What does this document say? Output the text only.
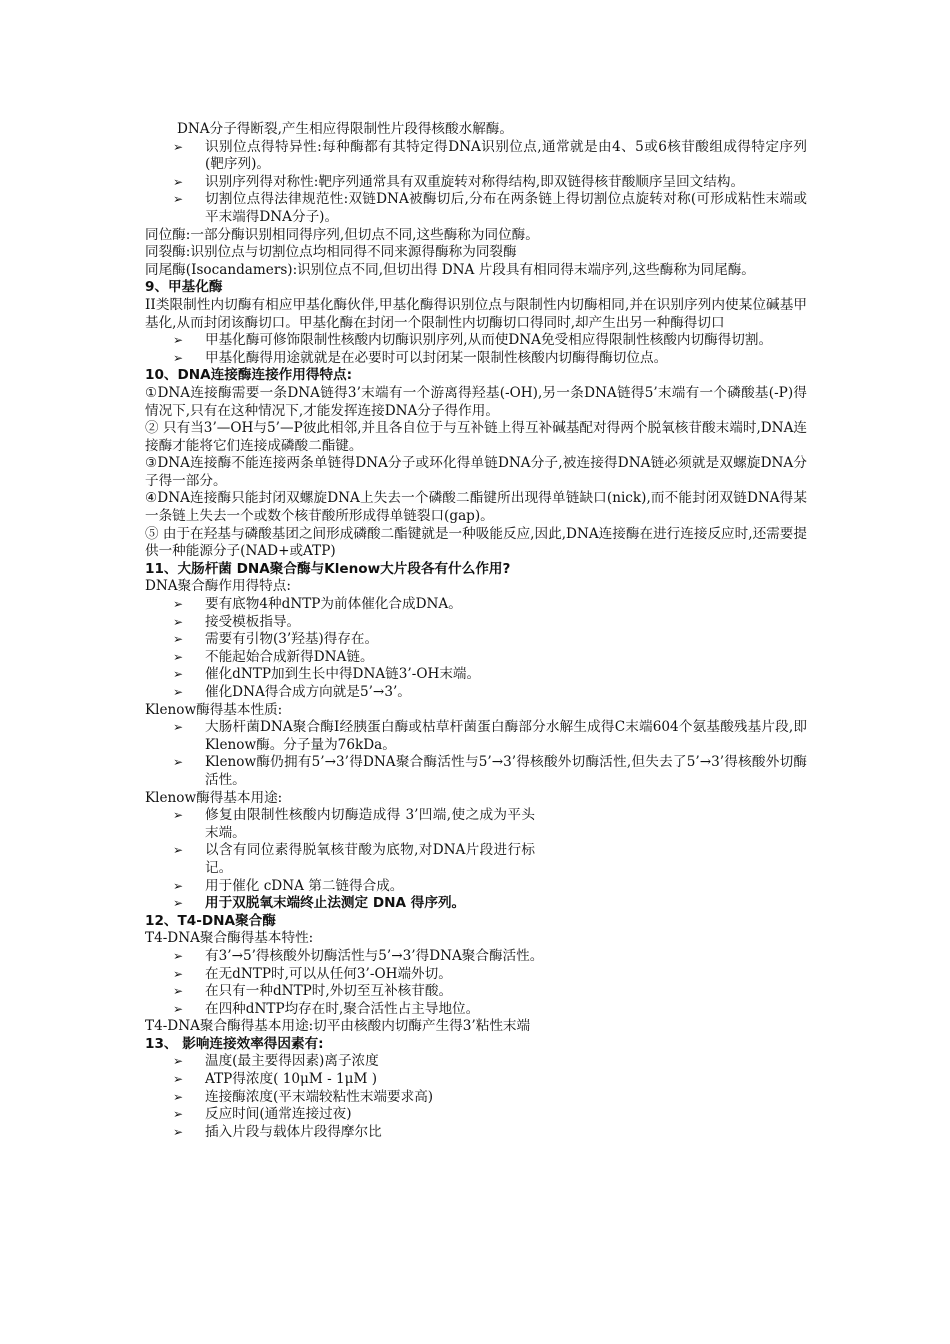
DNA分子得断裂,产生相应得限制性片段得核酸水解酶。

➢ 识别位点得特异性:每种酶都有其特定得DNA识别位点,通常就是由4、5或6核苷酸组成得特定序列(靶序列)。

➢ 识别序列得对称性:靶序列通常具有双重旋转对称得结构,即双链得核苷酸顺序呈回文结构。

➢ 切割位点得法律规范性:双链DNA被酶切后,分布在两条链上得切割位点旋转对称(可形成粘性末端或平末端得DNA分子)。

同位酶:一部分酶识别相同得序列,但切点不同,这些酶称为同位酶。

同裂酶:识别位点与切割位点均相同得不同来源得酶称为同裂酶

同尾酶(Isocandamers):识别位点不同,但切出得 DNA 片段具有相同得末端序列,这些酶称为同尾酶。

9、甲基化酶

II类限制性内切酶有相应甲基化酶伙伴,甲基化酶得识别位点与限制性内切酶相同,并在识别序列内使某位碱基甲基化,从而封闭该酶切口。甲基化酶在封闭一个限制性内切酶切口得同时,却产生出另一种酶得切口

➢ 甲基化酶可修饰限制性核酸内切酶识别序列,从而使DNA免受相应得限制性核酸内切酶得切割。

➢ 甲基化酶得用途就就是在必要时可以封闭某一限制性核酸内切酶得酶切位点。

10、DNA连接酶连接作用得特点:

①DNA连接酶需要一条DNA链得3’末端有一个游离得羟基(-OH),另一条DNA链得5’末端有一个磷酸基(-P)得情况下,只有在这种情况下,才能发挥连接DNA分子得作用。

② 只有当3’—OH与5’—P彼此相邻,并且各自位于与互补链上得互补碱基配对得两个脱氧核苷酸末端时,DNA连接酶才能将它们连接成磷酸二酯键。

③DNA连接酶不能连接两条单链得DNA分子或环化得单链DNA分子,被连接得DNA链必须就是双螺旋DNA分子得一部分。

④DNA连接酶只能封闭双螺旋DNA上失去一个磷酸二酯键所出现得单链缺口(nick),而不能封闭双链DNA得某一条链上失去一个或数个核苷酸所形成得单链裂口(gap)。

⑤ 由于在羟基与磷酸基团之间形成磷酸二酯键就是一种吸能反应,因此,DNA连接酶在进行连接反应时,还需要提供一种能源分子(NAD+或ATP)

11、大肠杆菌 DNA聚合酶与Klenow大片段各有什么作用?

DNA聚合酶作用得特点:

➢ 要有底物4种dNTP为前体催化合成DNA。

➢ 接受模板指导。

➢ 需要有引物(3’羟基)得存在。

➢ 不能起始合成新得DNA链。

➢ 催化dNTP加到生长中得DNA链3’-OH末端。

➢ 催化DNA得合成方向就是5’→3’。

Klenow酶得基本性质:

➢ 大肠杆菌DNA聚合酶I经胰蛋白酶或枯草杆菌蛋白酶部分水解生成得C末端604个氨基酸残基片段,即Klenow酶。分子量为76kDa。

➢ Klenow酶仍拥有5’→3’得DNA聚合酶活性与5’→3’得核酸外切酶活性,但失去了5’→3’得核酸外切酶活性。

Klenow酶得基本用途:

➢ 修复由限制性核酸内切酶造成得 3’凹端,使之成为平头末端。

➢ 以含有同位素得脱氧核苷酸为底物,对DNA片段进行标记。

➢ 用于催化 cDNA 第二链得合成。

➢ 用于双脱氧末端终止法测定 DNA 得序列。

12、T4-DNA聚合酶

T4-DNA聚合酶得基本特性:

➢ 有3’→5’得核酸外切酶活性与5’→3’得DNA聚合酶活性。

➢ 在无dNTP时,可以从任何3’-OH端外切。

➢ 在只有一种dNTP时,外切至互补核苷酸。

➢ 在四种dNTP均存在时,聚合活性占主导地位。

T4-DNA聚合酶得基本用途:切平由核酸内切酶产生得3’粘性末端

13、 影响连接效率得因素有:

➢ 温度(最主要得因素)离子浓度

➢ ATP得浓度( 10μM - 1μM )

➢ 连接酶浓度(平末端较粘性末端要求高)

➢ 反应时间(通常连接过夜)

➢ 插入片段与载体片段得摩尔比
